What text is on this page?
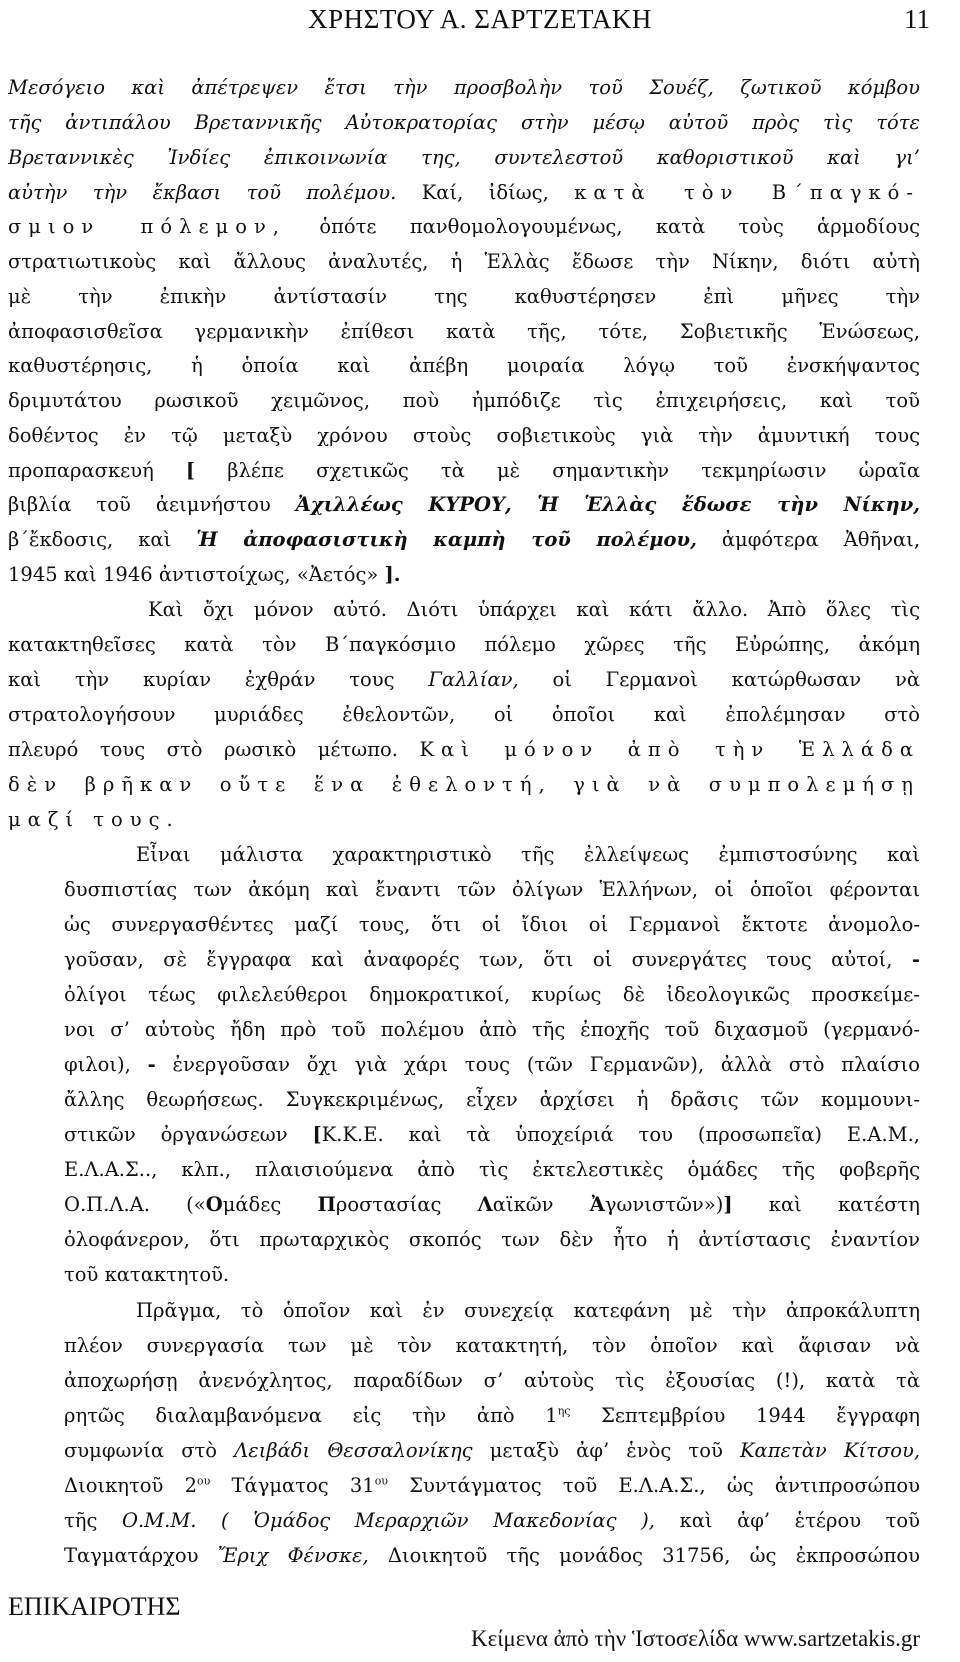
ΧΡΗΣΤΟΥ Α. ΣΑΡΤΖΕΤΑΚΗ	11
Μεσόγειο καὶ ἀπέτρεψεν ἔτσι τὴν προσβολὴν τοῦ Σουέζ, ζωτικοῦ κόμβου
τῆς ἀντιπάλου Βρεταννικῆς Αὐτοκρατορίας στὴν μέσῳ αὐτοῦ πρὸς τὶς τότε
Βρεταννικὲς Ἰνδίες ἐπικοινωνία της, συντελεστοῦ καθοριστικοῦ καὶ γι’
αὐτὴν τὴν ἔκβασι τοῦ πολέμου. Καί, ἰδίως, κατὰ τὸν Β΄παγκό-
σμιον πόλεμον, ὁπότε πανθομολογουμένως, κατὰ τοὺς ἁρμοδίους
στρατιωτικοὺς καὶ ἄλλους ἀναλυτές, ἡ Ἑλλὰς ἔδωσε τὴν Νίκην, διότι αὐτὴ
μὲ τὴν ἐπικὴν ἀντίστασίν της καθυστέρησεν ἐπὶ μῆνες τὴν
ἀποφασισθεῖσα γερμανικὴν ἐπίθεσι κατὰ τῆς, τότε, Σοβιετικῆς Ἑνώσεως,
καθυστέρησις, ἡ ὁποία καὶ ἀπέβη μοιραία λόγῳ τοῦ ἐνσκήψαντος
δριμυτάτου ρωσικοῦ χειμῶνος, ποὺ ἠμπόδιζε τὶς ἐπιχειρήσεις, καὶ τοῦ
δοθέντος ἐν τῷ μεταξὺ χρόνου στοὺς σοβιετικοὺς γιὰ τὴν ἀμυντική τους
προπαρασκευή [ βλέπε σχετικῶς τὰ μὲ σημαντικὴν τεκμηρίωσιν ὡραῖα
βιβλία τοῦ ἀειμνήστου Ἀχιλλέως ΚΥΡΟΥ, Ἡ Ἑλλὰς ἔδωσε τὴν Νίκην,
β΄ἔκδοσις, καὶ Ἡ ἀποφασιστικὴ καμπὴ τοῦ πολέμου, ἀμφότερα Ἀθῆναι,
1945 καὶ 1946 ἀντιστοίχως, «Ἀετός» ].
Καὶ ὄχι μόνον αὐτό. Διότι ὑπάρχει καὶ κάτι ἄλλο. Ἀπὸ ὅλες τὶς
κατακτηθεῖσες κατὰ τὸν Β΄παγκόσμιο πόλεμο χῶρες τῆς Εὐρώπης, ἀκόμη
καὶ τὴν κυρίαν ἐχθράν τους Γαλλίαν, οἱ Γερμανοὶ κατώρθωσαν νὰ
στρατολογήσουν μυριάδες ἐθελοντῶν, οἱ ὁποῖοι καὶ ἐπολέμησαν στὸ
πλευρό τους στὸ ρωσικὸ μέτωπο. Καὶ μόνον ἀπὸ τὴν Ἑλλάδα
δὲν βρῆκαν οὔτε ἕνα ἐθελοντή, γιὰ νὰ συμπολεμήσῃ
μαζί τους.
Εἶναι μάλιστα χαρακτηριστικὸ τῆς ἐλλείψεως ἐμπιστοσύνης καὶ
δυσπιστίας των ἀκόμη καὶ ἔναντι τῶν ὀλίγων Ἑλλήνων, οἱ ὁποῖοι φέρονται
ὡς συνεργασθέντες μαζί τους, ὅτι οἱ ἴδιοι οἱ Γερμανοὶ ἔκτοτε ἀνομολο-
γοῦσαν, σὲ ἔγγραφα καὶ ἀναφορές των, ὅτι οἱ συνεργάτες τους αὐτοί, -
ὀλίγοι τέως φιλελεύθεροι δημοκρατικοί, κυρίως δὲ ἰδεολογικῶς προσκείμε-
νοι σ’ αὐτοὺς ἤδη πρὸ τοῦ πολέμου ἀπὸ τῆς ἐποχῆς τοῦ διχασμοῦ (γερμανό-
φιλοι), - ἐνεργοῦσαν ὄχι γιὰ χάρι τους (τῶν Γερμανῶν), ἀλλὰ στὸ πλαίσιο
ἄλλης θεωρήσεως. Συγκεκριμένως, εἶχεν ἀρχίσει ἡ δρᾶσις τῶν κομμουνι-
στικῶν ὀργανώσεων [Κ.Κ.Ε. καὶ τὰ ὑποχείριά του (προσωπεῖα) Ε.Α.Μ.,
Ε.Λ.Α.Σ.., κλπ., πλαισιούμενα ἀπὸ τὶς ἐκτελεστικὲς ὁμάδες τῆς φοβερῆς
Ο.Π.Λ.Α. («Ομάδες Προστασίας Λαϊκῶν Ἀγωνιστῶν»)] καὶ κατέστη
ὀλοφάνερον, ὅτι πρωταρχικὸς σκοπός των δὲν ἦτο ἡ ἀντίστασις ἐναντίον
τοῦ κατακτητοῦ.
Πρᾶγμα, τὸ ὁποῖον καὶ ἐν συνεχείᾳ κατεφάνη μὲ τὴν ἀπροκάλυπτη
πλέον συνεργασία των μὲ τὸν κατακτητή, τὸν ὁποῖον καὶ ἄφισαν νὰ
ἀποχωρήσῃ ἀνενόχλητος, παραδίδων σ’ αὐτοὺς τὶς ἐξουσίας (!), κατὰ τὰ
ρητῶς διαλαμβανόμενα εἰς τὴν ἀπὸ $1^{\eta\varsigma}$ Σεπτεμβρίου 1944 ἔγγραφη
συμφωνία στὸ Λειβάδι Θεσσαλονίκης μεταξὺ ἀφ’ ἑνὸς τοῦ Καπετὰν Κίτσου,
Διοικητοῦ $2^{o\upsilon}$ Τάγματος $31^{o\upsilon}$ Συντάγματος τοῦ Ε.Λ.Α.Σ., ὡς ἀντιπροσώπου
τῆς Ο.Μ.Μ. ( Ὁμάδος Μεραρχιῶν Μακεδονίας ), καὶ ἀφ’ ἑτέρου τοῦ
Ταγματάρχου Ἔριχ Φένσκε, Διοικητοῦ τῆς μονάδος 31756, ὡς ἐκπροσώπου
ΕΠΙΚΑΙΡΟΤΗΣ
Κείμενα ἀπὸ τὴν Ἱστοσελίδα www.sartzetakis.gr
